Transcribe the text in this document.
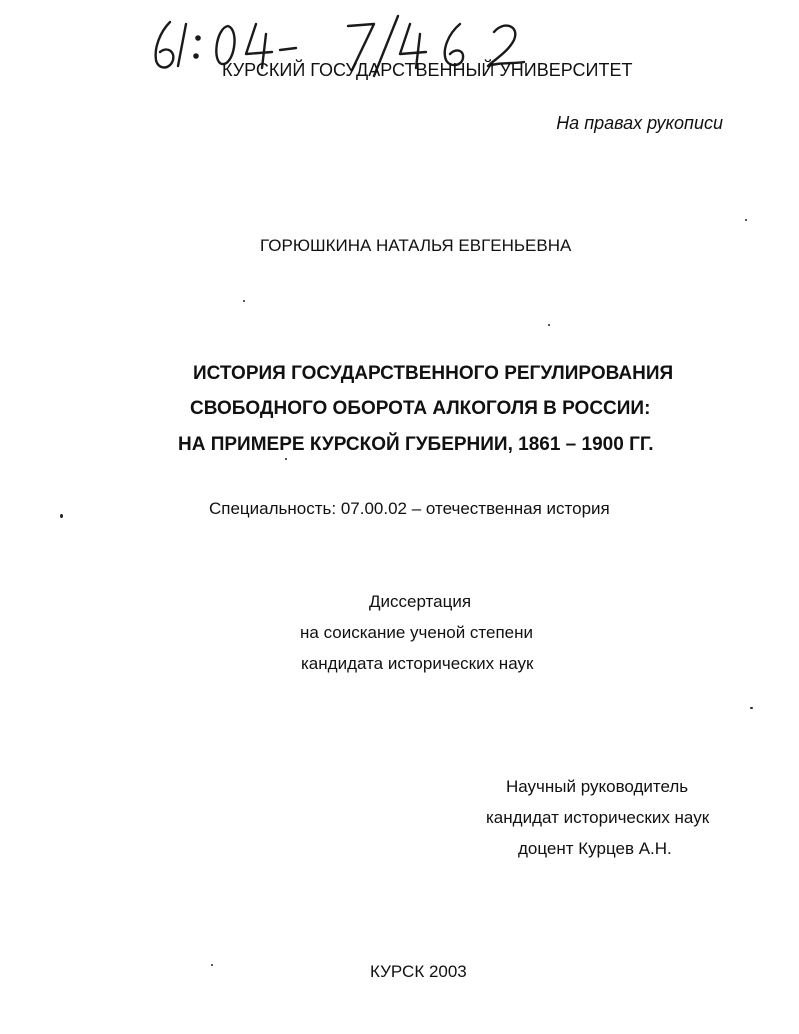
КУРСКИЙ ГОСУДАРСТВЕННЫЙ УНИВЕРСИТЕТ
На правах рукописи
ГОРЮШКИНА НАТАЛЬЯ ЕВГЕНЬЕВНА
ИСТОРИЯ ГОСУДАРСТВЕННОГО РЕГУЛИРОВАНИЯ
СВОБОДНОГО ОБОРОТА АЛКОГОЛЯ В РОССИИ:
НА ПРИМЕРЕ КУРСКОЙ ГУБЕРНИИ, 1861 – 1900 ГГ.
Специальность: 07.00.02 – отечественная история
Диссертация
на соискание ученой степени
кандидата исторических наук
Научный руководитель
кандидат исторических наук
доцент Курцев А.Н.
КУРСК 2003
